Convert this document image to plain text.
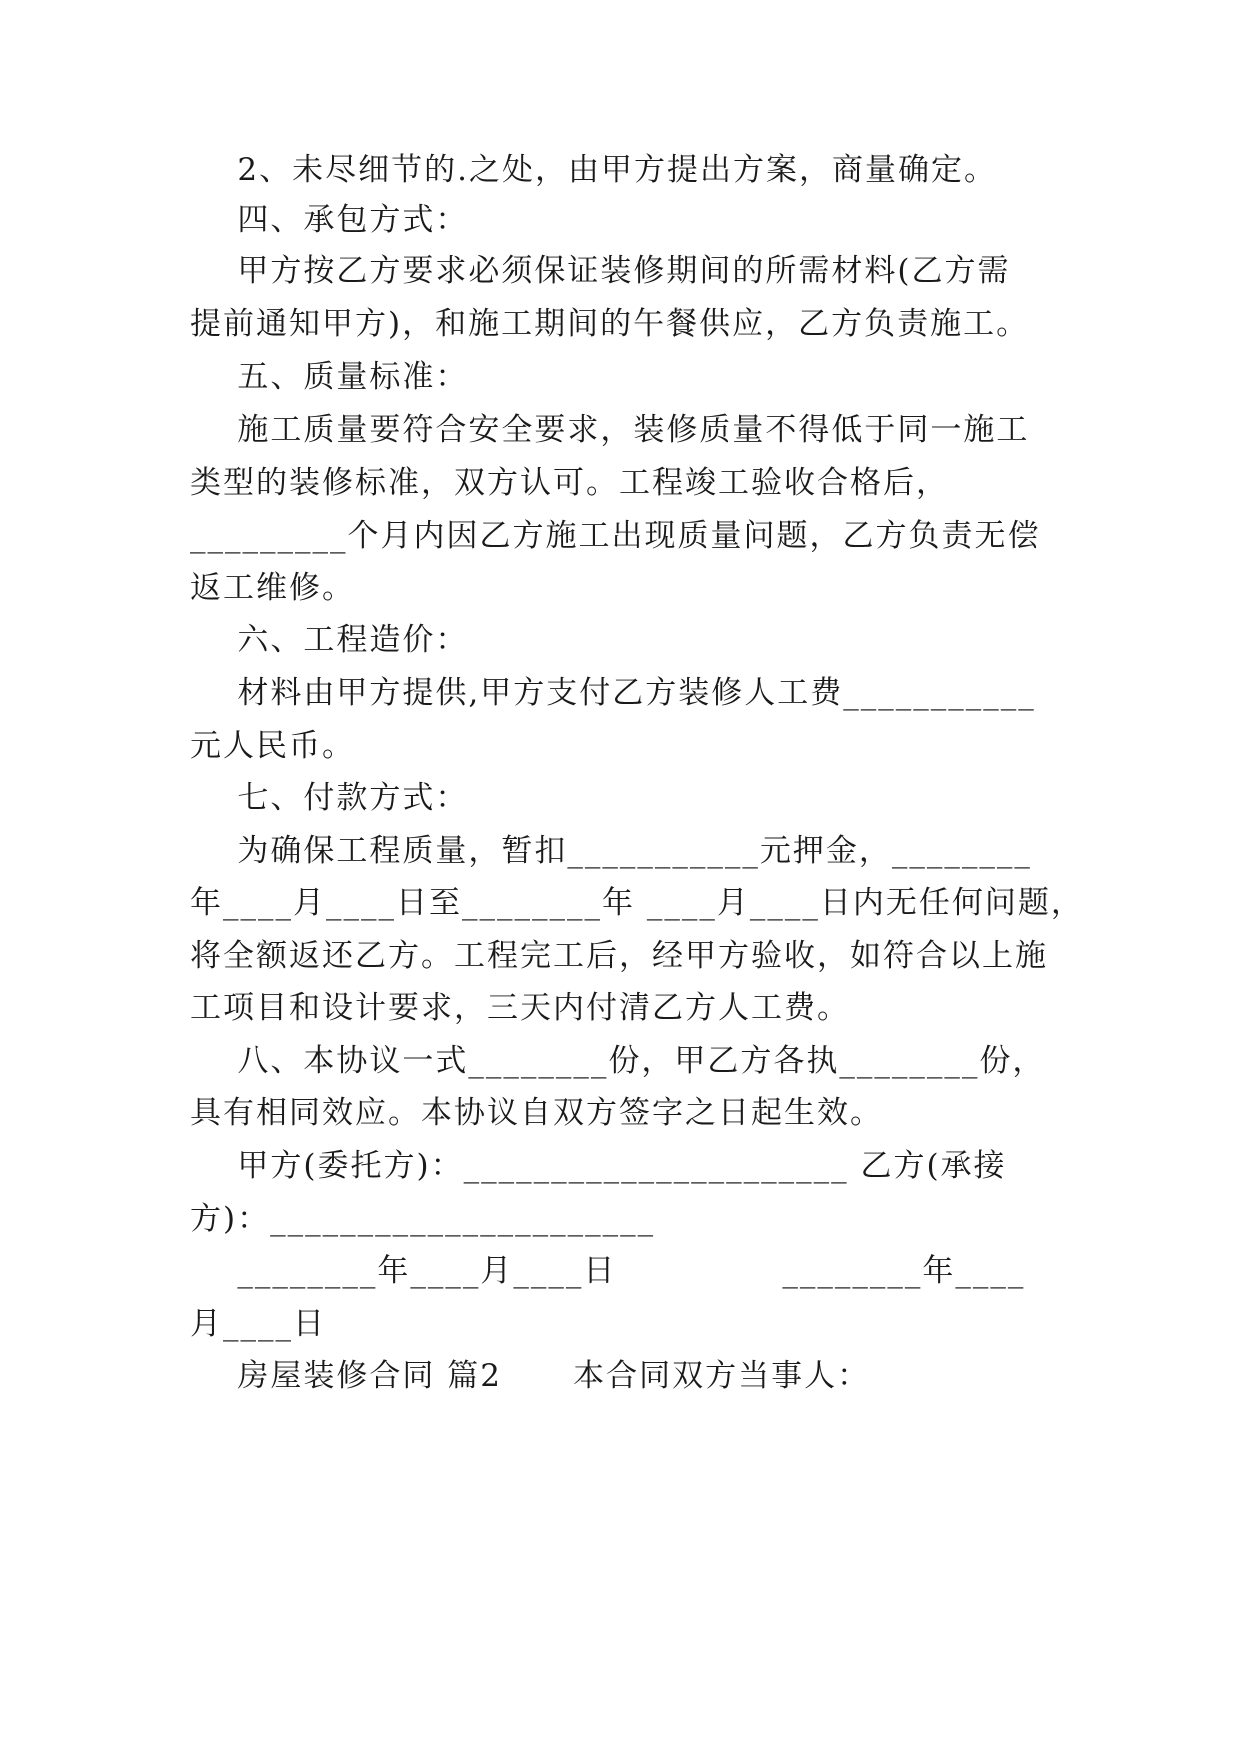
2、未尽细节的.之处，由甲方提出方案，商量确定。
四、承包方式：
甲方按乙方要求必须保证装修期间的所需材料(乙方需
提前通知甲方)，和施工期间的午餐供应，乙方负责施工。
五、质量标准：
施工质量要符合安全要求，装修质量不得低于同一施工
类型的装修标准，双方认可。工程竣工验收合格后，
_________个月内因乙方施工出现质量问题，乙方负责无偿
返工维修。
六、工程造价：
材料由甲方提供,甲方支付乙方装修人工费___________
元人民币。
七、付款方式：
为确保工程质量，暂扣___________元押金，________
年____月____日至________年 ____月____日内无任何问题，
将全额返还乙方。工程完工后，经甲方验收，如符合以上施
工项目和设计要求，三天内付清乙方人工费。
八、本协议一式________份，甲乙方各执________份，
具有相同效应。本协议自双方签字之日起生效。
甲方(委托方)：______________________ 乙方(承接
方)：______________________
________年____月____日              ________年____
月____日
房屋装修合同 篇2      本合同双方当事人：
